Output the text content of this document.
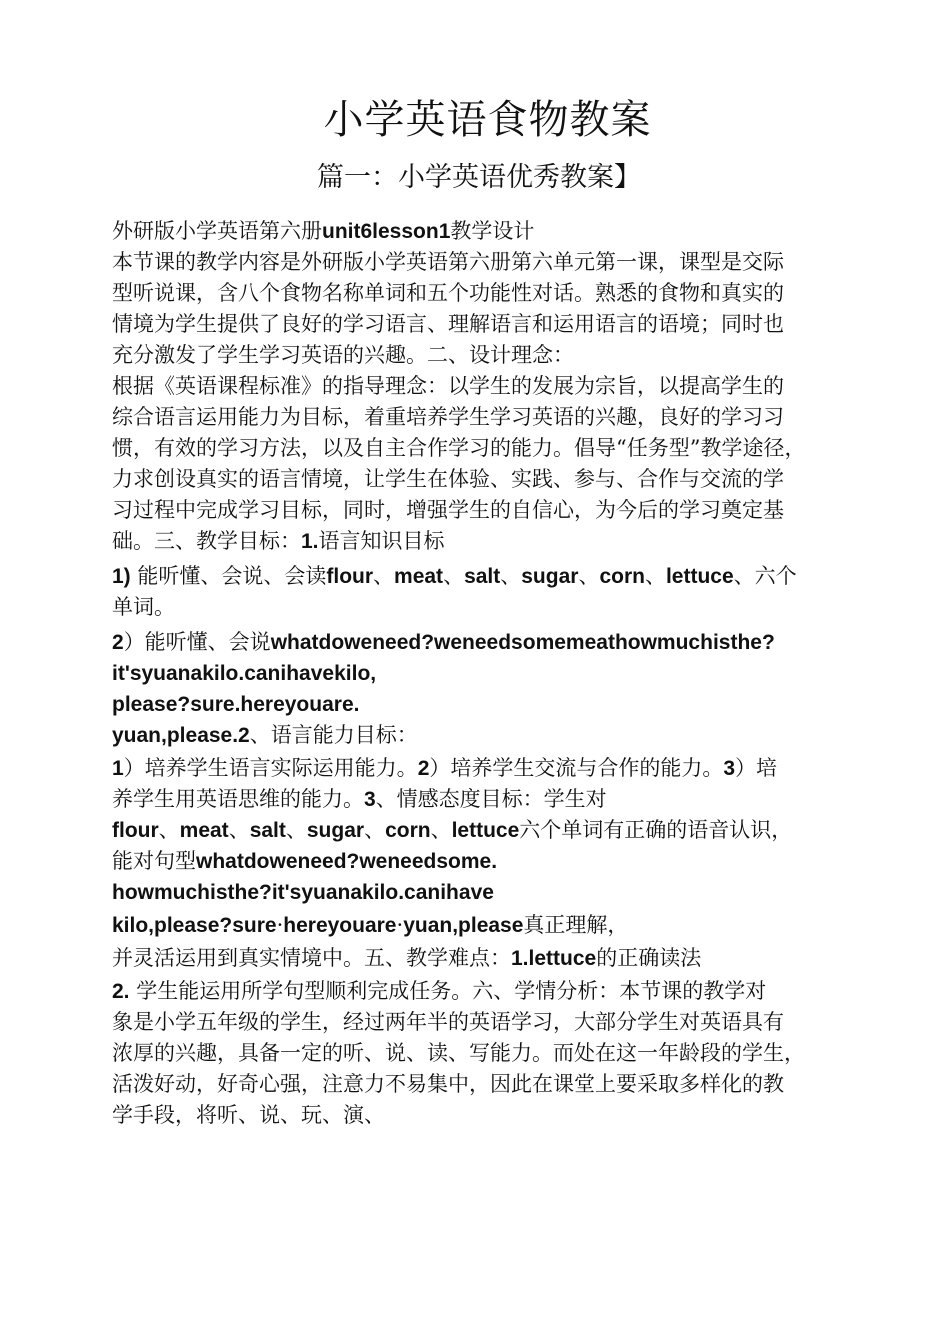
小学英语食物教案
篇一：小学英语优秀教案】
外研版小学英语第六册unit6lesson1教学设计
本节课的教学内容是外研版小学英语第六册第六单元第一课，课型是交际
型听说课，含八个食物名称单词和五个功能性对话。熟悉的食物和真实的
情境为学生提供了良好的学习语言、理解语言和运用语言的语境；同时也
充分激发了学生学习英语的兴趣。二、设计理念：
根据《英语课程标准》的指导理念：以学生的发展为宗旨，以提高学生的
综合语言运用能力为目标，着重培养学生学习英语的兴趣，良好的学习习
惯，有效的学习方法，以及自主合作学习的能力。倡导“任务型”教学途径，
力求创设真实的语言情境，让学生在体验、实践、参与、合作与交流的学
习过程中完成学习目标，同时，增强学生的自信心，为今后的学习奠定基
础。三、教学目标：1.语言知识目标
1) 能听懂、会说、会读flour、meat、salt、sugar、corn、lettuce、六个
单词。
2）能听懂、会说whatdoweneed?weneedsomemeathowmuchisthe?
it'syuanakilo.canihavekilo,
please?sure.hereyouare.
yuan,please.2、语言能力目标：
1）培养学生语言实际运用能力。2）培养学生交流与合作的能力。3）培
养学生用英语思维的能力。3、情感态度目标：学生对
flour、meat、salt、sugar、corn、lettuce六个单词有正确的语音认识，
能对句型whatdoweneed?weneedsome.
howmuchisthe?it'syuanakilo.canihave
kilo,please?sure·hereyouare·yuan,please真正理解，
并灵活运用到真实情境中。五、教学难点：1.lettuce的正确读法
2. 学生能运用所学句型顺利完成任务。六、学情分析：本节课的教学对
象是小学五年级的学生，经过两年半的英语学习，大部分学生对英语具有
浓厚的兴趣，具备一定的听、说、读、写能力。而处在这一年龄段的学生，
活泼好动，好奇心强，注意力不易集中，因此在课堂上要采取多样化的教
学手段，将听、说、玩、演、
